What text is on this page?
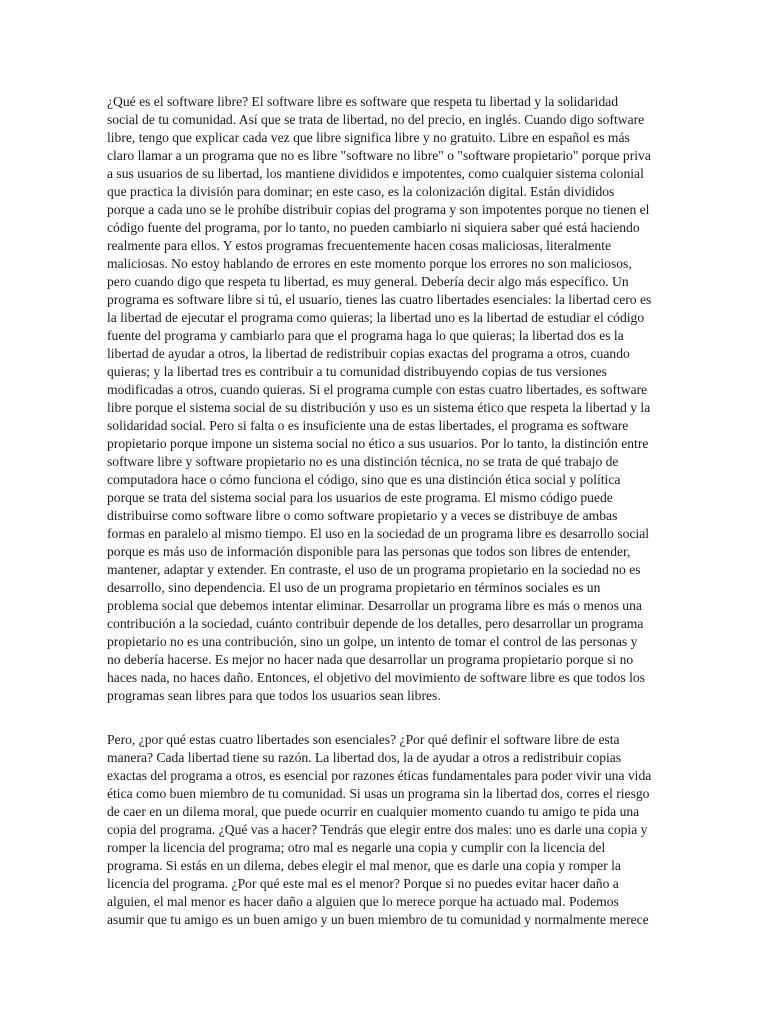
¿Qué es el software libre? El software libre es software que respeta tu libertad y la solidaridad
social de tu comunidad. Así que se trata de libertad, no del precio, en inglés. Cuando digo software
libre, tengo que explicar cada vez que libre significa libre y no gratuito. Libre en español es más
claro llamar a un programa que no es libre "software no libre" o "software propietario" porque priva
a sus usuarios de su libertad, los mantiene divididos e impotentes, como cualquier sistema colonial
que practica la división para dominar; en este caso, es la colonización digital. Están divididos
porque a cada uno se le prohíbe distribuir copias del programa y son impotentes porque no tienen el
código fuente del programa, por lo tanto, no pueden cambiarlo ni siquiera saber qué está haciendo
realmente para ellos. Y estos programas frecuentemente hacen cosas maliciosas, literalmente
maliciosas. No estoy hablando de errores en este momento porque los errores no son maliciosos,
pero cuando digo que respeta tu libertad, es muy general. Debería decir algo más específico. Un
programa es software libre si tú, el usuario, tienes las cuatro libertades esenciales: la libertad cero es
la libertad de ejecutar el programa como quieras; la libertad uno es la libertad de estudiar el código
fuente del programa y cambiarlo para que el programa haga lo que quieras; la libertad dos es la
libertad de ayudar a otros, la libertad de redistribuir copias exactas del programa a otros, cuando
quieras; y la libertad tres es contribuir a tu comunidad distribuyendo copias de tus versiones
modificadas a otros, cuando quieras. Si el programa cumple con estas cuatro libertades, es software
libre porque el sistema social de su distribución y uso es un sistema ético que respeta la libertad y la
solidaridad social. Pero si falta o es insuficiente una de estas libertades, el programa es software
propietario porque impone un sistema social no ético a sus usuarios. Por lo tanto, la distinción entre
software libre y software propietario no es una distinción técnica, no se trata de qué trabajo de
computadora hace o cómo funciona el código, sino que es una distinción ética social y política
porque se trata del sistema social para los usuarios de este programa. El mismo código puede
distribuirse como software libre o como software propietario y a veces se distribuye de ambas
formas en paralelo al mismo tiempo. El uso en la sociedad de un programa libre es desarrollo social
porque es más uso de información disponible para las personas que todos son libres de entender,
mantener, adaptar y extender. En contraste, el uso de un programa propietario en la sociedad no es
desarrollo, sino dependencia. El uso de un programa propietario en términos sociales es un
problema social que debemos intentar eliminar. Desarrollar un programa libre es más o menos una
contribución a la sociedad, cuánto contribuir depende de los detalles, pero desarrollar un programa
propietario no es una contribución, sino un golpe, un intento de tomar el control de las personas y
no debería hacerse. Es mejor no hacer nada que desarrollar un programa propietario porque si no
haces nada, no haces daño. Entonces, el objetivo del movimiento de software libre es que todos los
programas sean libres para que todos los usuarios sean libres.

Pero, ¿por qué estas cuatro libertades son esenciales? ¿Por qué definir el software libre de esta
manera? Cada libertad tiene su razón. La libertad dos, la de ayudar a otros a redistribuir copias
exactas del programa a otros, es esencial por razones éticas fundamentales para poder vivir una vida
ética como buen miembro de tu comunidad. Si usas un programa sin la libertad dos, corres el riesgo
de caer en un dilema moral, que puede ocurrir en cualquier momento cuando tu amigo te pida una
copia del programa. ¿Qué vas a hacer? Tendrás que elegir entre dos males: uno es darle una copia y
romper la licencia del programa; otro mal es negarle una copia y cumplir con la licencia del
programa. Si estás en un dilema, debes elegir el mal menor, que es darle una copia y romper la
licencia del programa. ¿Por qué este mal es el menor? Porque si no puedes evitar hacer daño a
alguien, el mal menor es hacer daño a alguien que lo merece porque ha actuado mal. Podemos
asumir que tu amigo es un buen amigo y un buen miembro de tu comunidad y normalmente merece
